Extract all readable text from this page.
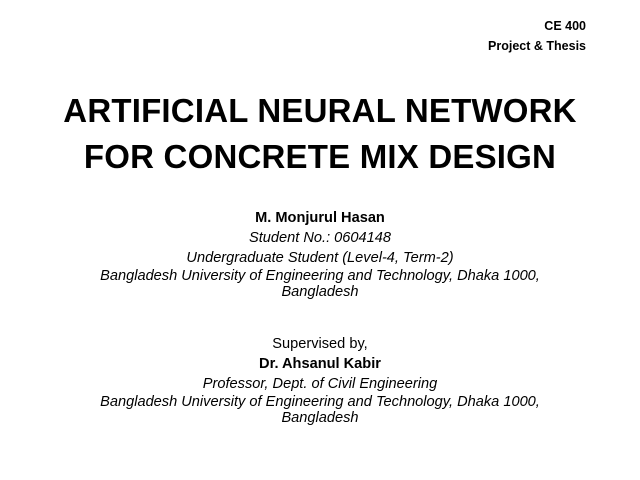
CE 400
Project & Thesis
ARTIFICIAL NEURAL NETWORK
FOR CONCRETE MIX DESIGN
M. Monjurul Hasan
Student No.: 0604148
Undergraduate Student (Level-4, Term-2)
Bangladesh University of Engineering and Technology, Dhaka 1000,
Bangladesh
Supervised by,
Dr. Ahsanul Kabir
Professor, Dept. of Civil Engineering
Bangladesh University of Engineering and Technology, Dhaka 1000,
Bangladesh
